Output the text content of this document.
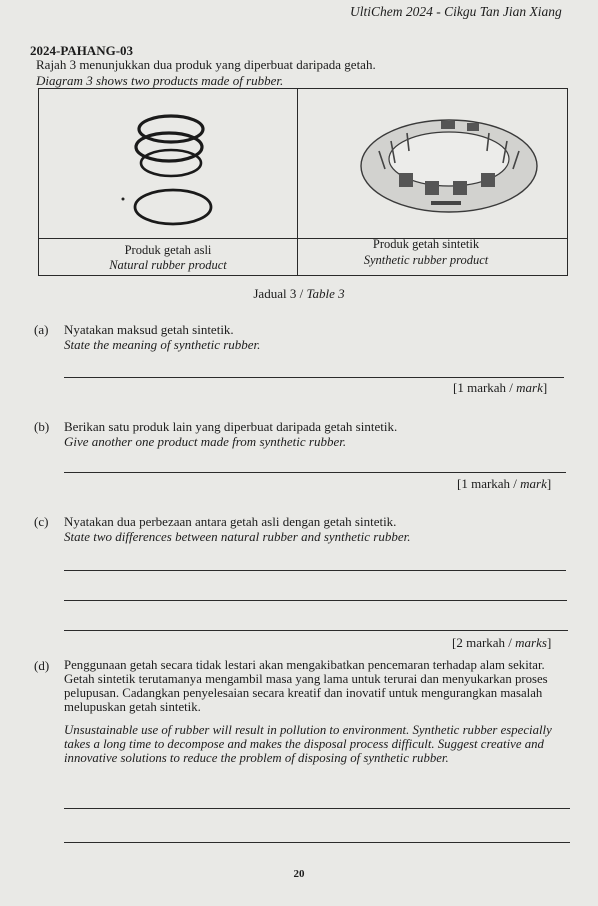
UltiChem 2024 - Cikgu Tan Jian Xiang
2024-PAHANG-03
Rajah 3 menunjukkan dua produk yang diperbuat daripada getah.
Diagram 3 shows two products made of rubber.
Produk getah asli
Natural rubber product
Produk getah sintetik
Synthetic rubber product
Jadual 3 / Table 3
(a) Nyatakan maksud getah sintetik.
State the meaning of synthetic rubber.
[1 markah / mark]
(b) Berikan satu produk lain yang diperbuat daripada getah sintetik.
Give another one product made from synthetic rubber.
[1 markah / mark]
(c) Nyatakan dua perbezaan antara getah asli dengan getah sintetik.
State two differences between natural rubber and synthetic rubber.
[2 markah / marks]
(d) Penggunaan getah secara tidak lestari akan mengakibatkan pencemaran terhadap alam sekitar. Getah sintetik terutamanya mengambil masa yang lama untuk terurai dan menyukarkan proses pelupusan. Cadangkan penyelesaian secara kreatif dan inovatif untuk mengurangkan masalah melupuskan getah sintetik.
Unsustainable use of rubber will result in pollution to environment. Synthetic rubber especially takes a long time to decompose and makes the disposal process difficult. Suggest creative and innovative solutions to reduce the problem of disposing of synthetic rubber.
20
